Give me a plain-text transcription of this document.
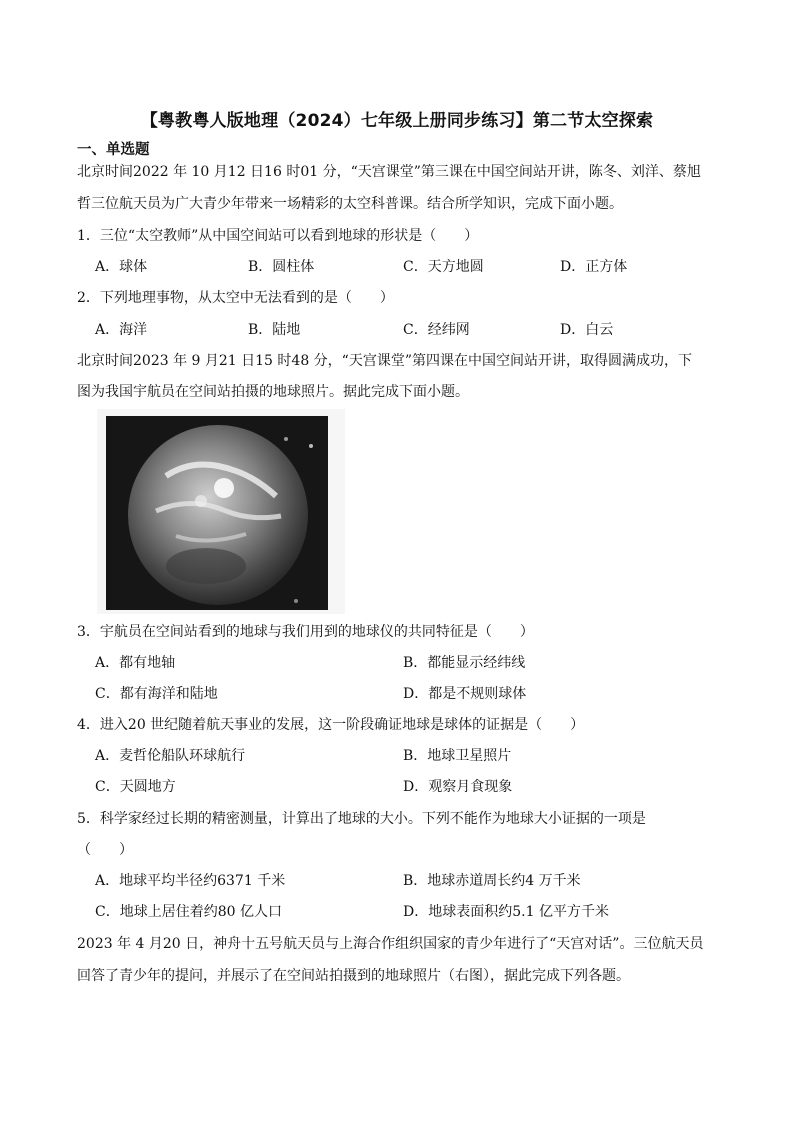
【粤教粤人版地理（2024）七年级上册同步练习】第二节太空探索
一、单选题
北京时间2022 年 10 月12 日16 时01 分，“天宫课堂”第三课在中国空间站开讲，陈冬、刘洋、蔡旭
哲三位航天员为广大青少年带来一场精彩的太空科普课。结合所学知识，完成下面小题。
1．三位“太空教师”从中国空间站可以看到地球的形状是（　　）
A．球体	B．圆柱体	C．天方地圆	D．正方体
2．下列地理事物，从太空中无法看到的是（　　）
A．海洋	B．陆地	C．经纬网	D．白云
北京时间2023 年 9 月21 日15 时48 分，“天宫课堂”第四课在中国空间站开讲，取得圆满成功，下
图为我国宇航员在空间站拍摄的地球照片。据此完成下面小题。
3．宇航员在空间站看到的地球与我们用到的地球仪的共同特征是（　　）
A．都有地轴	B．都能显示经纬线
C．都有海洋和陆地	D．都是不规则球体
4．进入20 世纪随着航天事业的发展，这一阶段确证地球是球体的证据是（　　）
A．麦哲伦船队环球航行	B．地球卫星照片
C．天圆地方	D．观察月食现象
5．科学家经过长期的精密测量，计算出了地球的大小。下列不能作为地球大小证据的一项是
（　　）
A．地球平均半径约6371 千米	B．地球赤道周长约4 万千米
C．地球上居住着约80 亿人口	D．地球表面积约5.1 亿平方千米
2023 年 4 月20 日，神舟十五号航天员与上海合作组织国家的青少年进行了“天宫对话”。三位航天员
回答了青少年的提问，并展示了在空间站拍摄到的地球照片（右图），据此完成下列各题。
